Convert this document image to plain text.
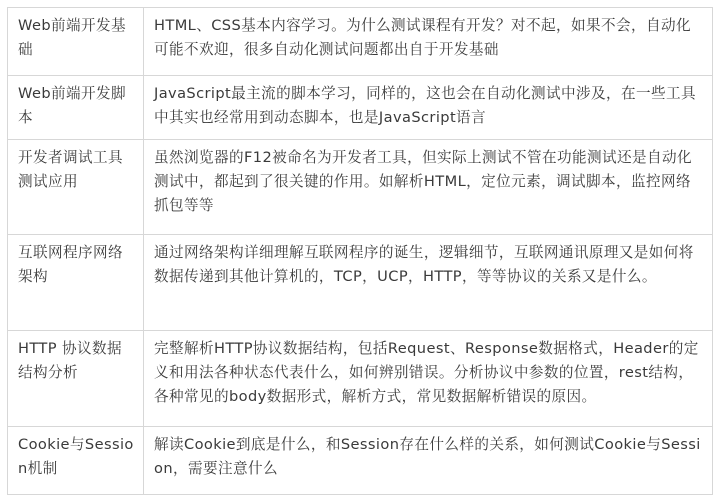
Web前端开发基础	HTML、CSS基本内容学习。为什么测试课程有开发？对不起，如果不会，自动化可能不欢迎，很多自动化测试问题都出自于开发基础
Web前端开发脚本	JavaScript最主流的脚本学习，同样的，这也会在自动化测试中涉及，在一些工具中其实也经常用到动态脚本，也是JavaScript语言
开发者调试工具测试应用	虽然浏览器的F12被命名为开发者工具，但实际上测试不管在功能测试还是自动化测试中，都起到了很关键的作用。如解析HTML，定位元素，调试脚本，监控网络抓包等等
互联网程序网络架构	通过网络架构详细理解互联网程序的诞生，逻辑细节，互联网通讯原理又是如何将数据传递到其他计算机的，TCP，UCP，HTTP，等等协议的关系又是什么。
HTTP 协议数据结构分析	完整解析HTTP协议数据结构，包括Request、Response数据格式，Header的定义和用法各种状态代表什么，如何辨别错误。分析协议中参数的位置，rest结构，各种常见的body数据形式，解析方式，常见数据解析错误的原因。
Cookie与Session机制	解读Cookie到底是什么，和Session存在什么样的关系，如何测试Cookie与Session，需要注意什么
